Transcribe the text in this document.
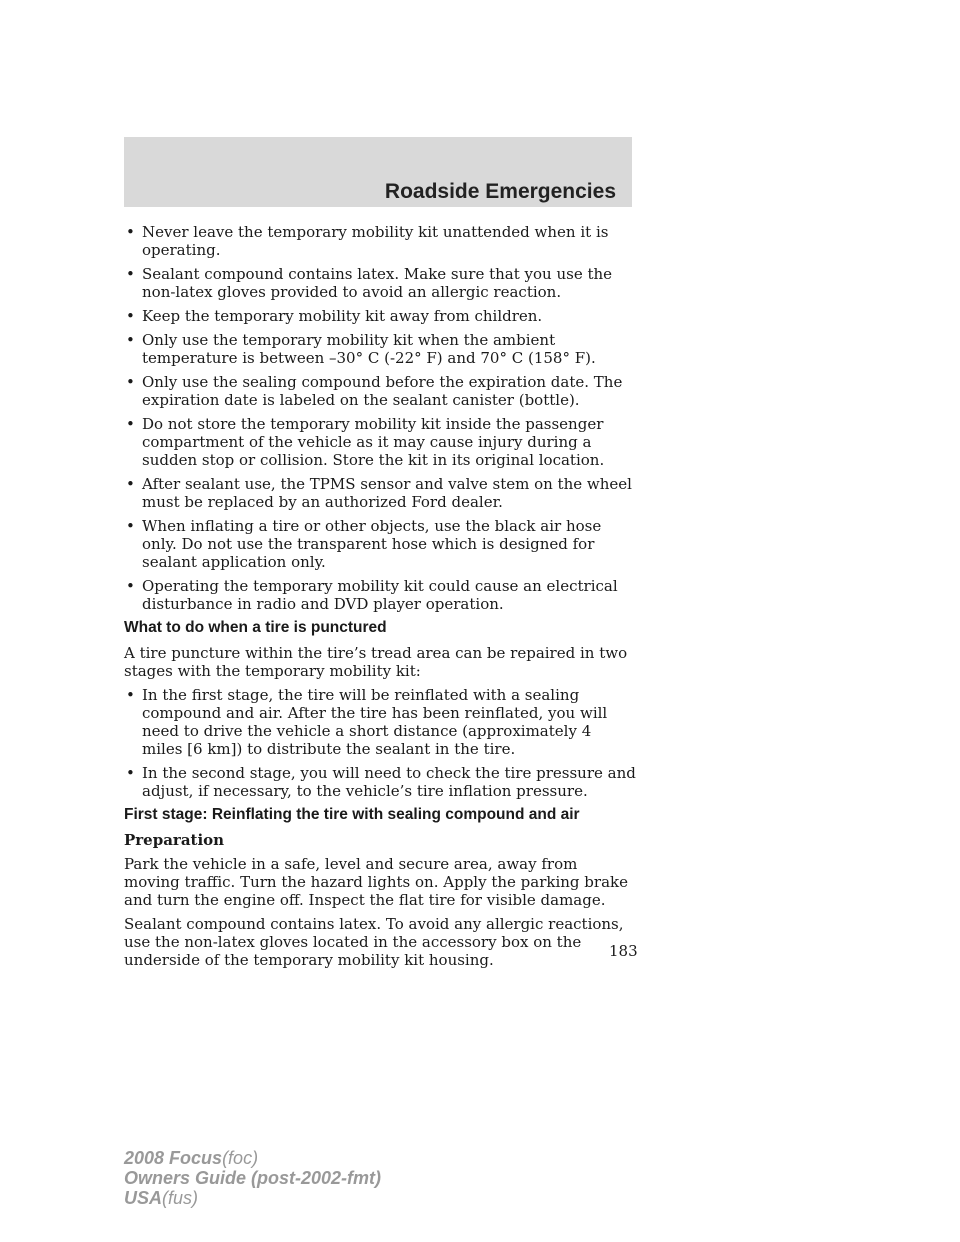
Roadside Emergencies
• Never leave the temporary mobility kit unattended when it is operating.
• Sealant compound contains latex. Make sure that you use the non-latex gloves provided to avoid an allergic reaction.
• Keep the temporary mobility kit away from children.
• Only use the temporary mobility kit when the ambient temperature is between –30° C (-22° F) and 70° C (158° F).
• Only use the sealing compound before the expiration date. The expiration date is labeled on the sealant canister (bottle).
• Do not store the temporary mobility kit inside the passenger compartment of the vehicle as it may cause injury during a sudden stop or collision. Store the kit in its original location.
• After sealant use, the TPMS sensor and valve stem on the wheel must be replaced by an authorized Ford dealer.
• When inflating a tire or other objects, use the black air hose only. Do not use the transparent hose which is designed for sealant application only.
• Operating the temporary mobility kit could cause an electrical disturbance in radio and DVD player operation.
What to do when a tire is punctured
A tire puncture within the tire’s tread area can be repaired in two stages with the temporary mobility kit:
• In the first stage, the tire will be reinflated with a sealing compound and air. After the tire has been reinflated, you will need to drive the vehicle a short distance (approximately 4 miles [6 km]) to distribute the sealant in the tire.
• In the second stage, you will need to check the tire pressure and adjust, if necessary, to the vehicle’s tire inflation pressure.
First stage: Reinflating the tire with sealing compound and air
Preparation
Park the vehicle in a safe, level and secure area, away from moving traffic. Turn the hazard lights on. Apply the parking brake and turn the engine off. Inspect the flat tire for visible damage.
Sealant compound contains latex. To avoid any allergic reactions, use the non-latex gloves located in the accessory box on the underside of the temporary mobility kit housing.	183
2008 Focus(foc)
Owners Guide (post-2002-fmt)
USA(fus)
